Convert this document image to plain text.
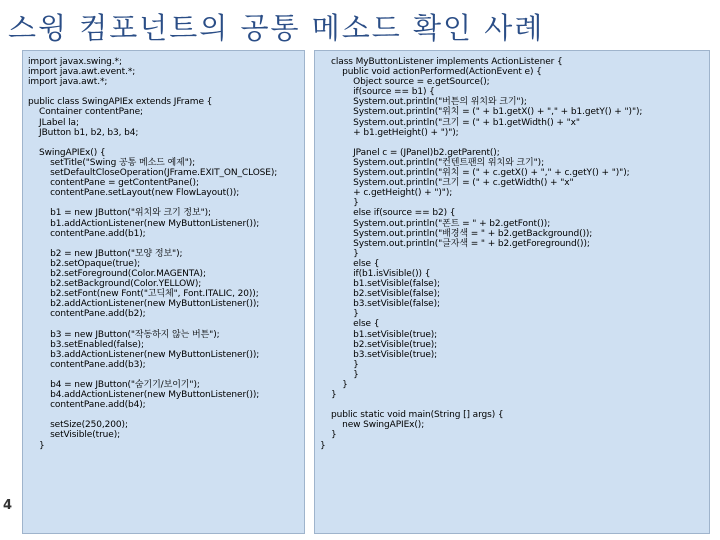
스윙 컴포넌트의 공통 메소드 확인 사례
import javax.swing.*;
import java.awt.event.*;
import java.awt.*;

public class SwingAPIEx extends JFrame {
Container contentPane;
JLabel la;
JButton b1, b2, b3, b4;

SwingAPIEx() {
setTitle("Swing 공통 메소드 예제");
setDefaultCloseOperation(JFrame.EXIT_ON_CLOSE);
contentPane = getContentPane();
contentPane.setLayout(new FlowLayout());

b1 = new JButton("위치와 크기 정보");
b1.addActionListener(new MyButtonListener());
contentPane.add(b1);

b2 = new JButton("모양 정보");
b2.setOpaque(true);
b2.setForeground(Color.MAGENTA);
b2.setBackground(Color.YELLOW);
b2.setFont(new Font("고딕체", Font.ITALIC, 20));
b2.addActionListener(new MyButtonListener());
contentPane.add(b2);

b3 = new JButton("작동하지 않는 버튼");
b3.setEnabled(false);
b3.addActionListener(new MyButtonListener());
contentPane.add(b3);

b4 = new JButton("숨기기/보이기");
b4.addActionListener(new MyButtonListener());
contentPane.add(b4);

setSize(250,200);
setVisible(true);
}
class MyButtonListener implements ActionListener {
public void actionPerformed(ActionEvent e) {
Object source = e.getSource();
if(source == b1) {
System.out.println("버튼의 위치와 크기");
System.out.println("위치 = (" + b1.getX() + "," + b1.getY() + ")");
System.out.println("크기 = (" + b1.getWidth() + "x"
+ b1.getHeight() + ")");

JPanel c = (JPanel)b2.getParent();
System.out.println("컨텐트팬의 위치와 크기");
System.out.println("위치 = (" + c.getX() + "," + c.getY() + ")");
System.out.println("크기 = (" + c.getWidth() + "x"
+ c.getHeight() + ")");
}
else if(source == b2) {
System.out.println("폰트 = " + b2.getFont());
System.out.println("배경색 = " + b2.getBackground());
System.out.println("글자색 = " + b2.getForeground());
}
else {
if(b1.isVisible()) {
b1.setVisible(false);
b2.setVisible(false);
b3.setVisible(false);
}
else {
b1.setVisible(true);
b2.setVisible(true);
b3.setVisible(true);
}
}
}
}

public static void main(String [] args) {
new SwingAPIEx();
}
}
4
